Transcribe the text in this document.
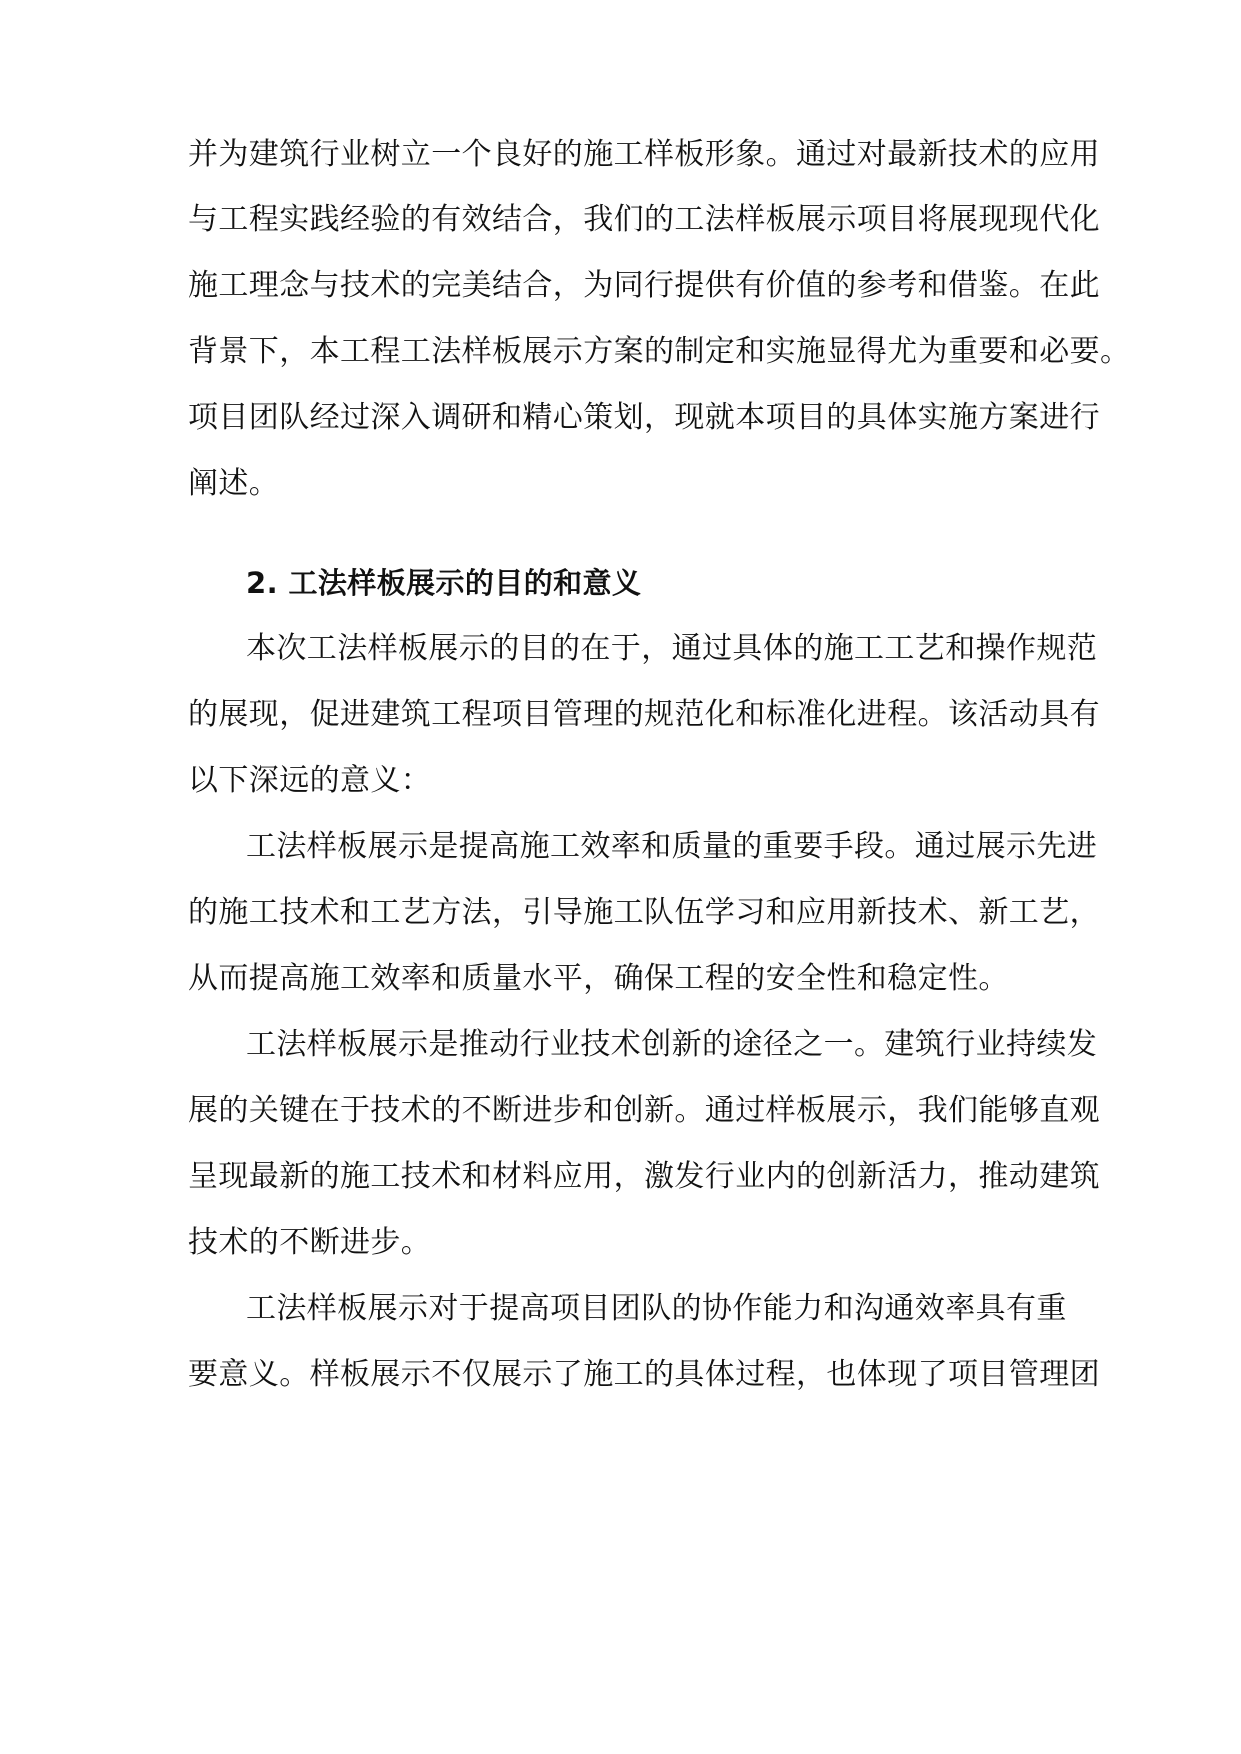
并为建筑行业树立一个良好的施工样板形象。通过对最新技术的应用
与工程实践经验的有效结合，我们的工法样板展示项目将展现现代化
施工理念与技术的完美结合，为同行提供有价值的参考和借鉴。在此
背景下，本工程工法样板展示方案的制定和实施显得尤为重要和必要。
项目团队经过深入调研和精心策划，现就本项目的具体实施方案进行
阐述。
2. 工法样板展示的目的和意义
本次工法样板展示的目的在于，通过具体的施工工艺和操作规范
的展现，促进建筑工程项目管理的规范化和标准化进程。该活动具有
以下深远的意义：
工法样板展示是提高施工效率和质量的重要手段。通过展示先进
的施工技术和工艺方法，引导施工队伍学习和应用新技术、新工艺，
从而提高施工效率和质量水平，确保工程的安全性和稳定性。
工法样板展示是推动行业技术创新的途径之一。建筑行业持续发
展的关键在于技术的不断进步和创新。通过样板展示，我们能够直观
呈现最新的施工技术和材料应用，激发行业内的创新活力，推动建筑
技术的不断进步。
工法样板展示对于提高项目团队的协作能力和沟通效率具有重
要意义。样板展示不仅展示了施工的具体过程，也体现了项目管理团
